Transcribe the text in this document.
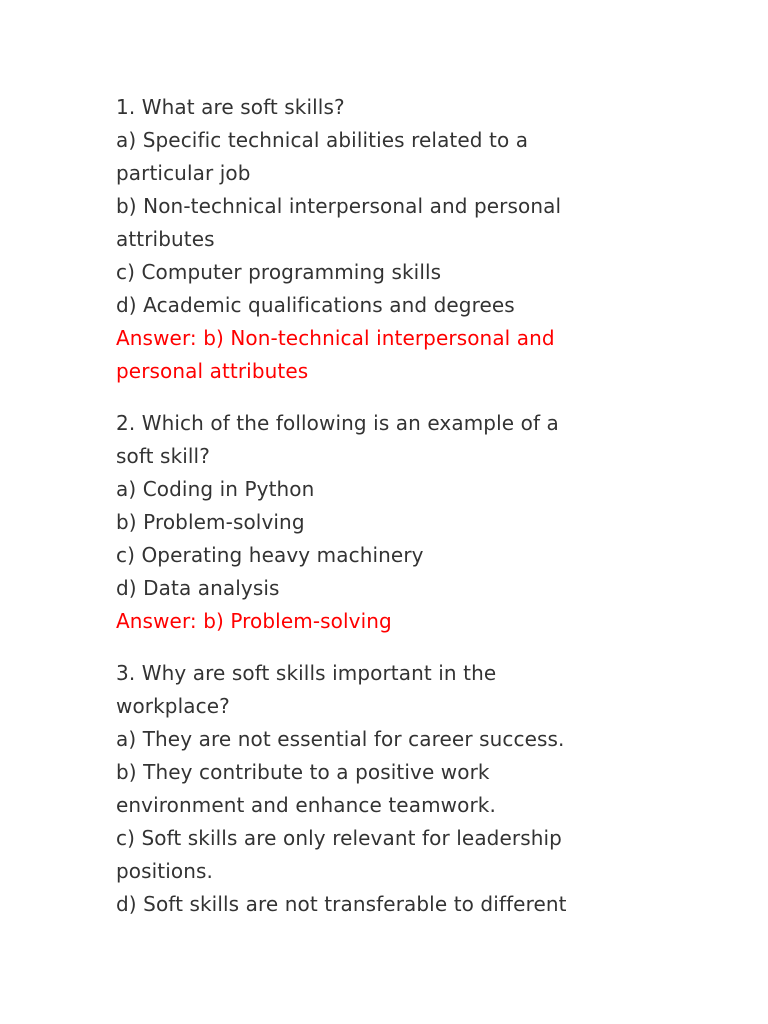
1. What are soft skills?
a) Specific technical abilities related to a
particular job
b) Non-technical interpersonal and personal
attributes
c) Computer programming skills
d) Academic qualifications and degrees
Answer: b) Non-technical interpersonal and
personal attributes
2. Which of the following is an example of a
soft skill?
a) Coding in Python
b) Problem-solving
c) Operating heavy machinery
d) Data analysis
Answer: b) Problem-solving
3. Why are soft skills important in the
workplace?
a) They are not essential for career success.
b) They contribute to a positive work
environment and enhance teamwork.
c) Soft skills are only relevant for leadership
positions.
d) Soft skills are not transferable to different
